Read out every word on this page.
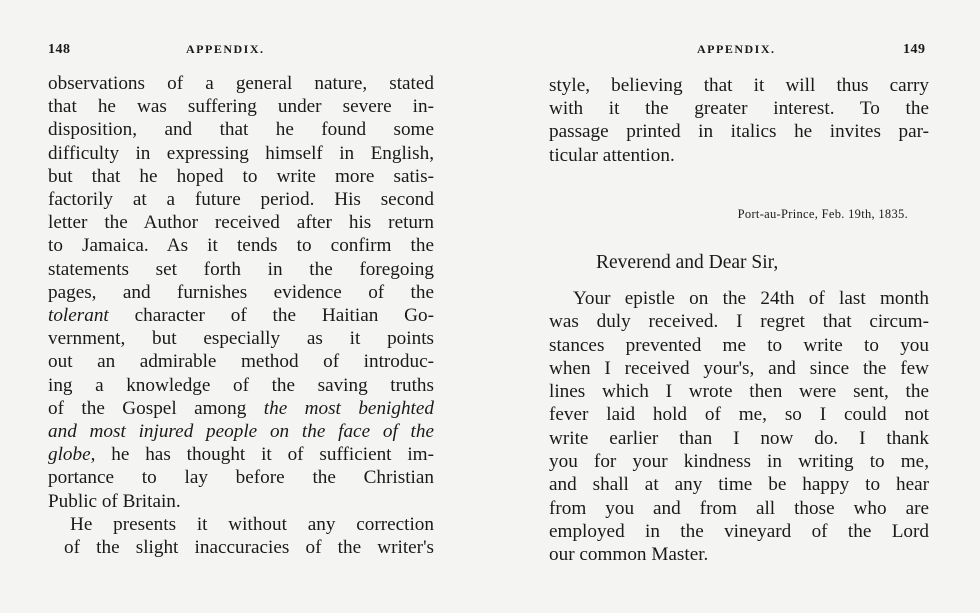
148	APPENDIX.
observations of a general nature, stated
that he was suffering under severe in-
disposition, and that he found some
difficulty in expressing himself in English,
but that he hoped to write more satis-
factorily at a future period. His second
letter the Author received after his return
to Jamaica. As it tends to confirm the
statements set forth in the foregoing
pages, and furnishes evidence of the
tolerant character of the Haitian Go-
vernment, but especially as it points
out an admirable method of introduc-
ing a knowledge of the saving truths
of the Gospel among the most benighted
and most injured people on the face of the
globe, he has thought it of sufficient im-
portance to lay before the Christian
Public of Britain.
He presents it without any correction
of the slight inaccuracies of the writer's
APPENDIX.	149
style, believing that it will thus carry
with it the greater interest. To the
passage printed in italics he invites par-
ticular attention.
Port-au-Prince, Feb. 19th, 1835.
Reverend and Dear Sir,
Your epistle on the 24th of last month
was duly received. I regret that circum-
stances prevented me to write to you
when I received your's, and since the few
lines which I wrote then were sent, the
fever laid hold of me, so I could not
write earlier than I now do. I thank
you for your kindness in writing to me,
and shall at any time be happy to hear
from you and from all those who are
employed in the vineyard of the Lord
our common Master.
